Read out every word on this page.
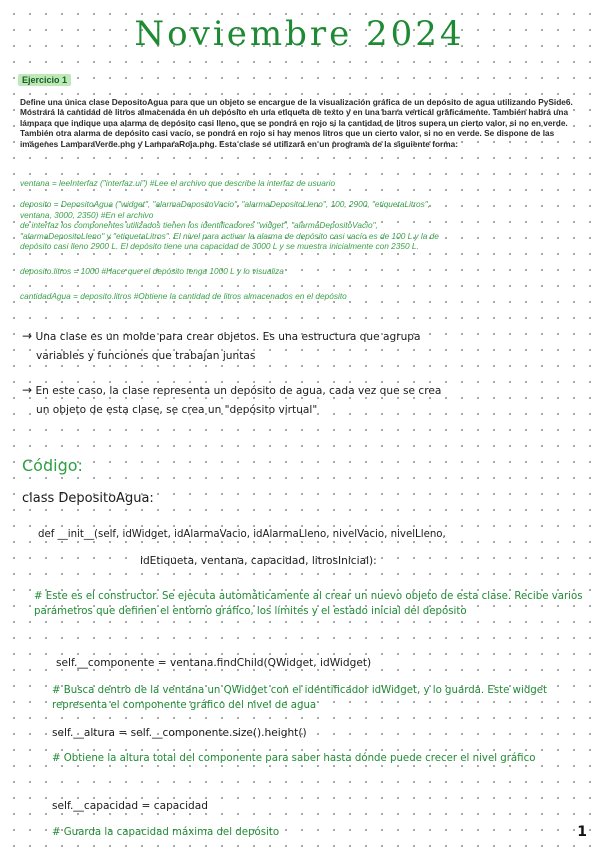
Noviembre 2024
Ejercicio 1
Define una única clase DepositoAgua para que un objeto se encargue de la visualización gráfica de un depósito de agua utilizando PySide6. Mostrará la cantidad de litros almacenada en un depósito en una etiqueta de texto y en una barra vertical gráficamente. También habrá una lámpara que indique una alarma de depósito casi lleno, que se pondrá en rojo si la cantidad de litros supera un cierto valor, si no en verde. También otra alarma de depósito casi vacío, se pondrá en rojo si hay menos litros que un cierto valor, si no en verde. Se dispone de las imágenes LamparaVerde.png y LamparaRoja.png. Esta clase se utilizará en un programa de la siguiente forma:
ventana = leeInterfaz ("interfaz.ui") #Lee el archivo que describe la interfaz de usuario
deposito = DepositoAgua ("widget", "alarmaDepositoVacio", "alarmaDepositoLleno", 100, 2900, "etiquetaLitros",
ventana, 3000, 2350) #En el archivo
de interfaz los componentes utilizados tienen los identificadores "widget", "alarmaDepositoVacio",
"alarmaDepositoLleno" y "etiquetaLitros". El nivel para activar la alarma de depósito casi vacío es de 100 L y la de
depósito casi lleno 2900 L. El depósito tiene una capacidad de 3000 L y se muestra inicialmente con 2350 L.
deposito.litros = 1000 #Hace que el depósito tenga 1000 L y lo visualiza
cantidadAgua = deposito.litros #Obtiene la cantidad de litros almacenados en el depósito
→ Una clase es un molde para crear objetos. Es una estructura que agrupa
variables y funciones que trabajan juntas
→ En este caso, la clase representa un depósito de agua, cada vez que se crea
un objeto de esta clase, se crea un "depósito virtual"
Código:
class DepositoAgua:
def __init__(self, idWidget, idAlarmaVacio, idAlarmaLleno, nivelVacio, nivelLleno,
idEtiqueta, ventana, capacidad, litrosInicial):
# Este es el constructor. Se ejecuta automáticamente al crear un nuevo objeto de esta clase. Recibe varios parámetros que definen el entorno gráfico, los límites y el estado inicial del depósito
self.__componente = ventana.findChild(QWidget, idWidget)
# Busca dentro de la ventana un QWidget con el identificador idWidget, y lo guarda. Este widget representa el componente gráfico del nivel de agua
self.__altura = self.__componente.size().height()
# Obtiene la altura total del componente para saber hasta dónde puede crecer el nivel gráfico
self.__capacidad = capacidad
# Guarda la capacidad máxima del depósito	1
